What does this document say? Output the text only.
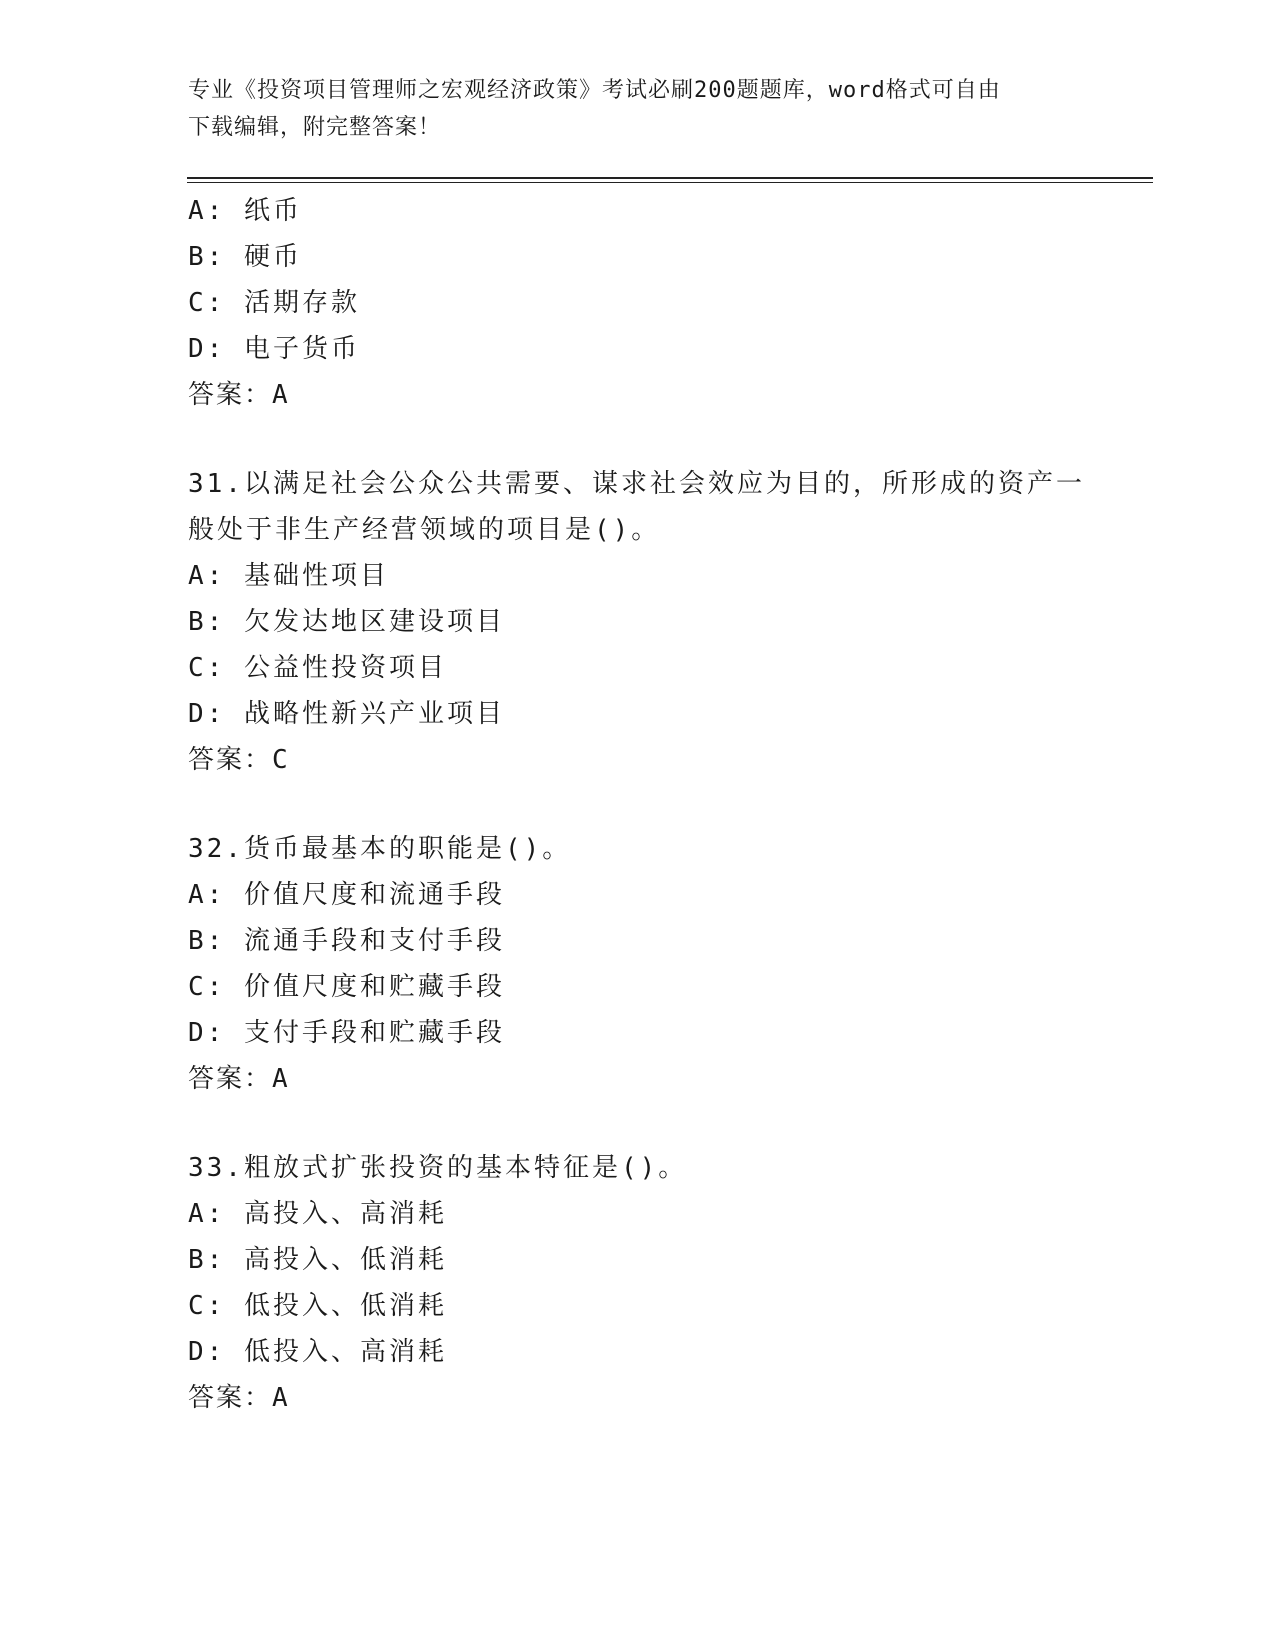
专业《投资项目管理师之宏观经济政策》考试必刷200题题库，word格式可自由
下载编辑，附完整答案！
A: 纸币
B: 硬币
C: 活期存款
D: 电子货币
答案：A
31.以满足社会公众公共需要、谋求社会效应为目的，所形成的资产一
般处于非生产经营领域的项目是()。
A: 基础性项目
B: 欠发达地区建设项目
C: 公益性投资项目
D: 战略性新兴产业项目
答案：C
32.货币最基本的职能是()。
A: 价值尺度和流通手段
B: 流通手段和支付手段
C: 价值尺度和贮藏手段
D: 支付手段和贮藏手段
答案：A
33.粗放式扩张投资的基本特征是()。
A: 高投入、高消耗
B: 高投入、低消耗
C: 低投入、低消耗
D: 低投入、高消耗
答案：A
